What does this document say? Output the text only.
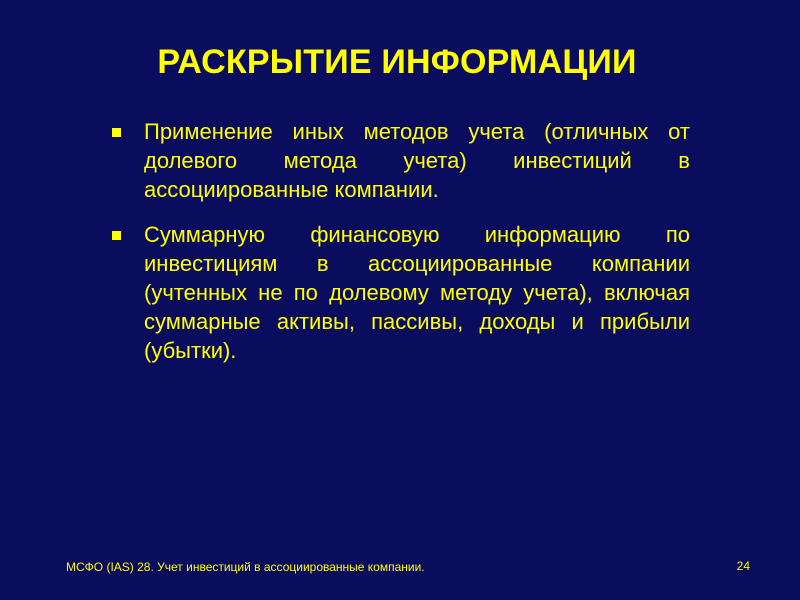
РАСКРЫТИЕ ИНФОРМАЦИИ
Применение иных методов учета (отличных от долевого метода учета) инвестиций в ассоциированные компании.
Суммарную финансовую информацию по инвестициям в ассоциированные компании (учтенных не по долевому методу учета), включая суммарные активы, пассивы, доходы и прибыли (убытки).
МСФО (IAS) 28. Учет инвестиций в ассоциированные компании.	24
